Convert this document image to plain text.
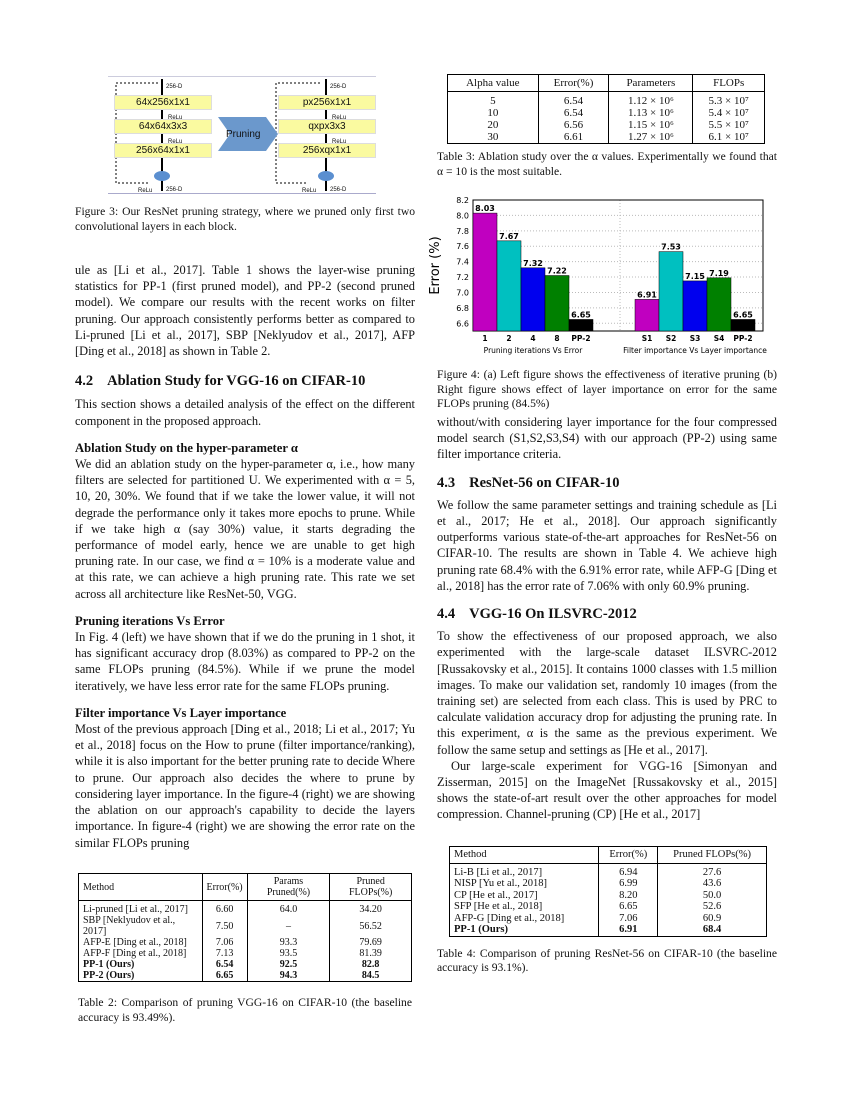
64x256x1x1
64x64x3x3
256x64x1x1
px256x1x1
qxpx3x3
256xqx1x1
Pruning
256-D	256-D
256-D	256-D
ReLu
ReLu
ReLu
ReLu
ReLu	ReLu

Figure 3: Our ResNet pruning strategy, where we pruned only first two convolutional layers in each block.

ule as [Li et al., 2017]. Table 1 shows the layer-wise pruning statistics for PP-1 (first pruned model), and PP-2 (second pruned model). We compare our results with the recent works on filter pruning. Our approach consistently performs better as compared to Li-pruned [Li et al., 2017], SBP [Neklyudov et al., 2017], AFP [Ding et al., 2018] as shown in Table 2.

4.2 Ablation Study for VGG-16 on CIFAR-10

This section shows a detailed analysis of the effect on the different component in the proposed approach.

Ablation Study on the hyper-parameter α

We did an ablation study on the hyper-parameter α, i.e., how many filters are selected for partitioned U. We experimented with α = 5, 10, 20, 30%. We found that if we take the lower value, it will not degrade the performance only it takes more epochs to prune. While if we take high α (say 30%) value, it starts degrading the performance of model early, hence we are unable to get high pruning rate. In our case, we find α = 10% is a moderate value and at this rate, we can achieve a high pruning rate. This rate we set across all architecture like ResNet-50, VGG.

Pruning iterations Vs Error

In Fig. 4 (left) we have shown that if we do the pruning in 1 shot, it has significant accuracy drop (8.03%) as compared to PP-2 on the same FLOPs pruning (84.5%). While if we prune the model iteratively, we have less error rate for the same FLOPs pruning.

Filter importance Vs Layer importance

Most of the previous approach [Ding et al., 2018; Li et al., 2017; Yu et al., 2018] focus on the How to prune (filter importance/ranking), while it is also important for the better pruning rate to decide Where to prune. Our approach also decides the where to prune by considering layer importance. In the figure-4 (right) we are showing the ablation on our approach's capability to decide the layers importance. In figure-4 (right) we are showing the error rate on the similar FLOPs pruning

Method	Error(%)	Params Pruned(%)	Pruned FLOPs(%)
Li-pruned [Li et al., 2017]	6.60	64.0	34.20
SBP [Neklyudov et al., 2017]	7.50	–	56.52
AFP-E [Ding et al., 2018]	7.06	93.3	79.69
AFP-F [Ding et al., 2018]	7.13	93.5	81.39
PP-1 (Ours)	6.54	92.5	82.8
PP-2 (Ours)	6.65	94.3	84.5

Table 2: Comparison of pruning VGG-16 on CIFAR-10 (the baseline accuracy is 93.49%).

Alpha value	Error(%)	Parameters	FLOPs
5	6.54	1.12 × 10⁶	5.3 × 10⁷
10	6.54	1.13 × 10⁶	5.4 × 10⁷
20	6.56	1.15 × 10⁶	5.5 × 10⁷
30	6.61	1.27 × 10⁶	6.1 × 10⁷

Table 3: Ablation study over the α values. Experimentally we found that α = 10 is the most suitable.

6.6
6.8
7.0
7.2
7.4
7.6
7.8
8.0
8.2
Error (%)
8.03
1
7.67
2
7.32
4
7.22
8
6.65
PP-2
Pruning iterations Vs Error
6.91
S1
7.53
S2
7.15
S3
7.19
S4
6.65
PP-2
Filter importance Vs Layer importance

Figure 4: (a) Left figure shows the effectiveness of iterative pruning (b) Right figure shows effect of layer importance on error for the same FLOPs pruning (84.5%)

without/with considering layer importance for the four compressed model search (S1,S2,S3,S4) with our approach (PP-2) using same filter importance criteria.

4.3 ResNet-56 on CIFAR-10

We follow the same parameter settings and training schedule as [Li et al., 2017; He et al., 2018]. Our approach significantly outperforms various state-of-the-art approaches for ResNet-56 on CIFAR-10. The results are shown in Table 4. We achieve high pruning rate 68.4% with the 6.91% error rate, while AFP-G [Ding et al., 2018] has the error rate of 7.06% with only 60.9% pruning.

4.4 VGG-16 On ILSVRC-2012

To show the effectiveness of our proposed approach, we also experimented with the large-scale dataset ILSVRC-2012 [Russakovsky et al., 2015]. It contains 1000 classes with 1.5 million images. To make our validation set, randomly 10 images (from the training set) are selected from each class. This is used by PRC to calculate validation accuracy drop for adjusting the pruning rate. In this experiment, α is the same as the previous experiment. We follow the same setup and settings as [He et al., 2017].

Our large-scale experiment for VGG-16 [Simonyan and Zisserman, 2015] on the ImageNet [Russakovsky et al., 2015] shows the state-of-art result over the other approaches for model compression. Channel-pruning (CP) [He et al., 2017]

Method	Error(%)	Pruned FLOPs(%)
Li-B [Li et al., 2017]	6.94	27.6
NISP [Yu et al., 2018]	6.99	43.6
CP [He et al., 2017]	8.20	50.0
SFP [He et al., 2018]	6.65	52.6
AFP-G [Ding et al., 2018]	7.06	60.9
PP-1 (Ours)	6.91	68.4

Table 4: Comparison of pruning ResNet-56 on CIFAR-10 (the baseline accuracy is 93.1%).
